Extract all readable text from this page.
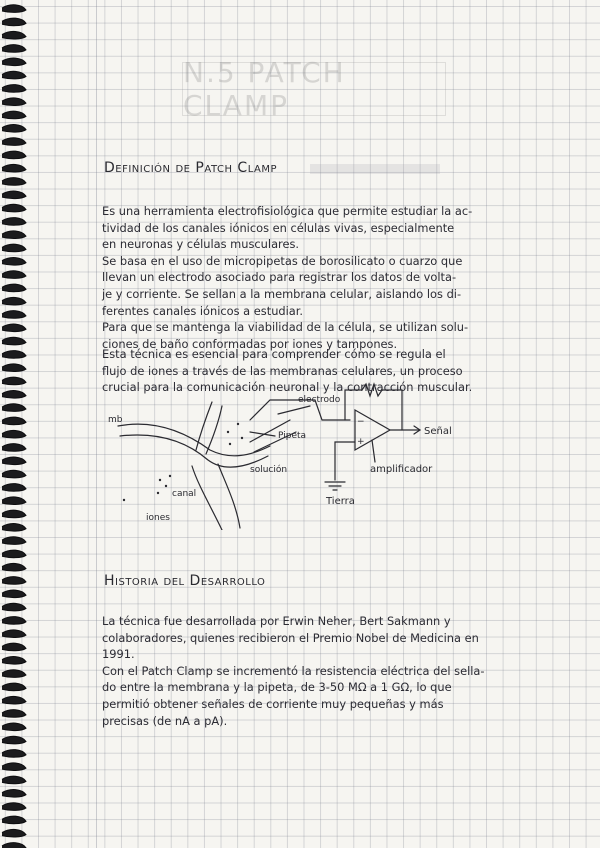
N.5 PATCH CLAMP
Definición de Patch Clamp
Es una herramienta electrofisiológica que permite estudiar la ac-
tividad de los canales iónicos en células vivas, especialmente
en neuronas y células musculares.
Se basa en el uso de micropipetas de borosilicato o cuarzo que
llevan un electrodo asociado para registrar los datos de volta-
je y corriente. Se sellan a la membrana celular, aislando los di-
ferentes canales iónicos a estudiar.
Para que se mantenga la viabilidad de la célula, se utilizan solu-
ciones de baño conformadas por iones y tampones.
Esta técnica es esencial para comprender cómo se regula el
flujo de iones a través de las membranas celulares, un proceso
crucial para la comunicación neuronal y la contracción muscular.
mb
electrodo
Pipeta
solución
canal
iones
Señal
amplificador
Tierra
−
+
Historia del Desarrollo
La técnica fue desarrollada por Erwin Neher, Bert Sakmann y
colaboradores, quienes recibieron el Premio Nobel de Medicina en
1991.
Con el Patch Clamp se incrementó la resistencia eléctrica del sella-
do entre la membrana y la pipeta, de 3-50 MΩ a 1 GΩ, lo que
permitió obtener señales de corriente muy pequeñas y más
precisas (de nA a pA).
